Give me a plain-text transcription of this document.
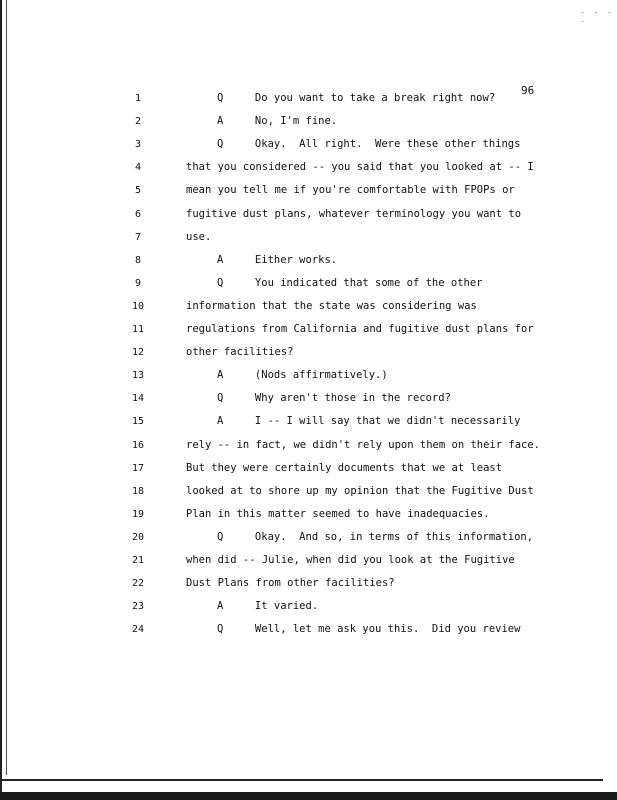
- - - -
96
1	Q     Do you want to take a break right now?
2	A     No, I'm fine.
3	Q     Okay.  All right.  Were these other things
4	that you considered -- you said that you looked at -- I
5	mean you tell me if you're comfortable with FPOPs or
6	fugitive dust plans, whatever terminology you want to
7	use.
8	A     Either works.
9	Q     You indicated that some of the other
10	information that the state was considering was
11	regulations from California and fugitive dust plans for
12	other facilities?
13	A     (Nods affirmatively.)
14	Q     Why aren't those in the record?
15	A     I -- I will say that we didn't necessarily
16	rely -- in fact, we didn't rely upon them on their face.
17	But they were certainly documents that we at least
18	looked at to shore up my opinion that the Fugitive Dust
19	Plan in this matter seemed to have inadequacies.
20	Q     Okay.  And so, in terms of this information,
21	when did -- Julie, when did you look at the Fugitive
22	Dust Plans from other facilities?
23	A     It varied.
24	Q     Well, let me ask you this.  Did you review
